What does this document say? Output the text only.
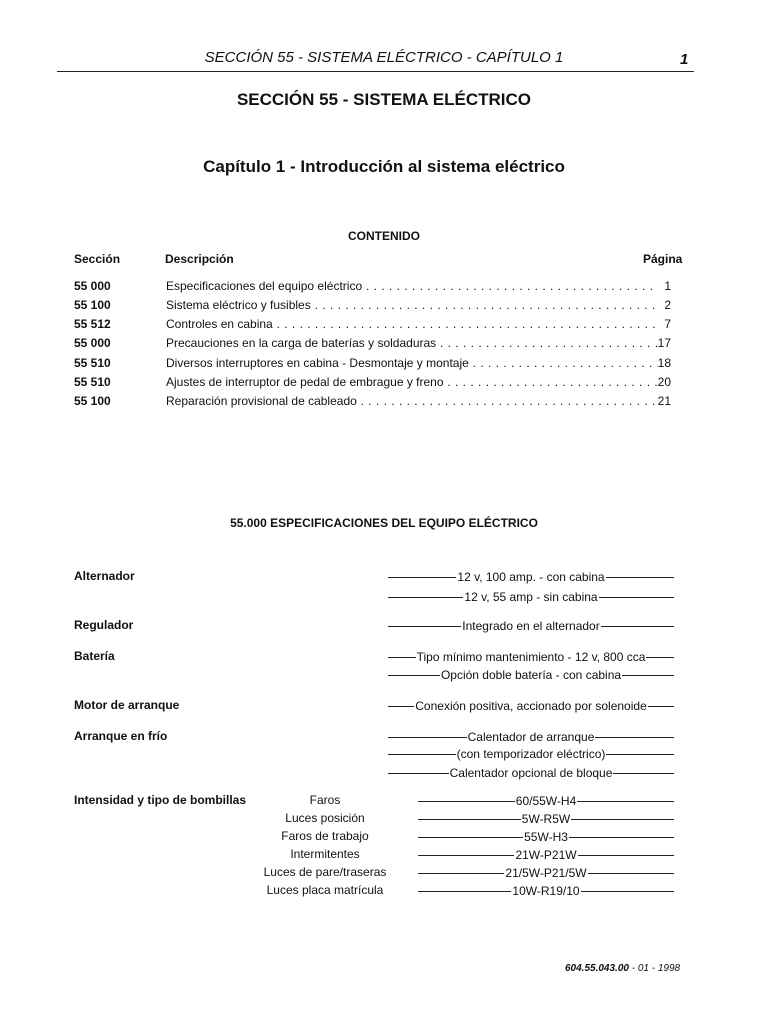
SECCIÓN 55 - SISTEMA ELÉCTRICO - CAPÍTULO 1	1
SECCIÓN 55 - SISTEMA ELÉCTRICO
Capítulo 1 - Introducción al sistema eléctrico
CONTENIDO
Sección	Descripción	Página
55 000	Especificaciones del equipo eléctrico . . .	1
55 100	Sistema eléctrico y fusibles . . .	2
55 512	Controles en cabina . . .	7
55 000	Precauciones en la carga de baterías y soldaduras . . .	17
55 510	Diversos interruptores en cabina - Desmontaje y montaje . . .	18
55 510	Ajustes de interruptor de pedal de embrague y freno . . .	20
55 100	Reparación provisional de cableado . . .	21
55.000 ESPECIFICACIONES DEL EQUIPO ELÉCTRICO
Alternador	12 v, 100 amp. - con cabina
12 v, 55 amp - sin cabina
Regulador	Integrado en el alternador
Batería	Tipo mínimo mantenimiento - 12 v, 800 cca
Opción doble batería - con cabina
Motor de arranque	Conexión positiva, accionado por solenoide
Arranque en frío	Calentador de arranque
(con temporizador eléctrico)
Calentador opcional de bloque
Intensidad y tipo de bombillas	Faros	60/55W-H4
Luces posición	5W-R5W
Faros de trabajo	55W-H3
Intermitentes	21W-P21W
Luces de pare/traseras	21/5W-P21/5W
Luces placa matrícula	10W-R19/10
604.55.043.00 - 01 - 1998
